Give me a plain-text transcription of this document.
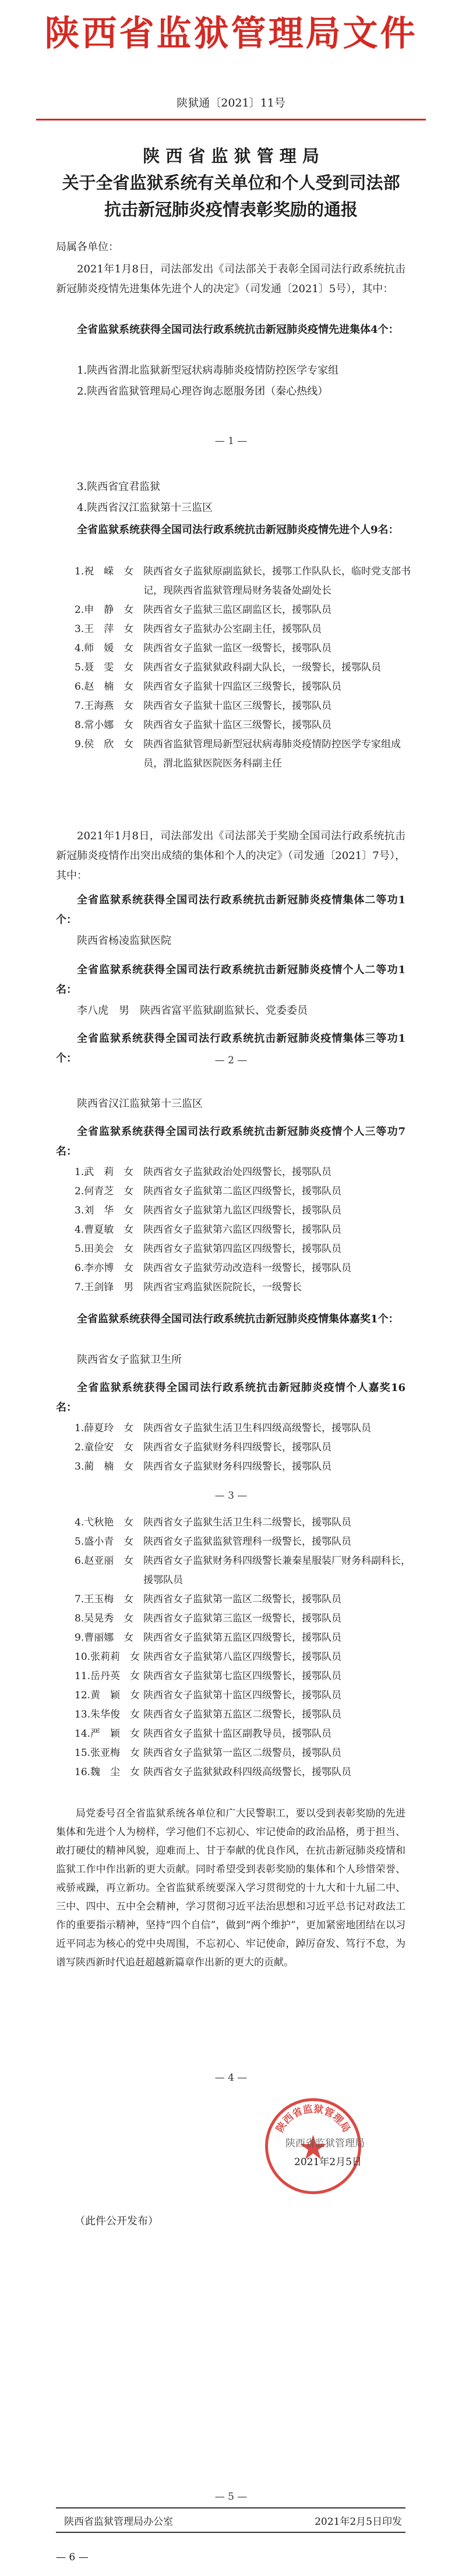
陕西省监狱管理局文件
陕狱通〔2021〕11号
陕 西 省 监 狱 管 理 局
关于全省监狱系统有关单位和个人受到司法部
抗击新冠肺炎疫情表彰奖励的通报
局属各单位：
2021年1月8日，司法部发出《司法部关于表彰全国司法行政系统抗击新冠肺炎疫情先进集体先进个人的决定》（司发通〔2021〕5号），其中：
全省监狱系统获得全国司法行政系统抗击新冠肺炎疫情先进集体4个：
1.陕西省渭北监狱新型冠状病毒肺炎疫情防控医学专家组
2.陕西省监狱管理局心理咨询志愿服务团（秦心热线）
— 1 —
3.陕西省宜君监狱
4.陕西省汉江监狱第十三监区
全省监狱系统获得全国司法行政系统抗击新冠肺炎疫情先进个人9名：
1.祝　嵘　女 陕西省女子监狱原副监狱长，援鄂工作队队长，临时党支部书记，现陕西省监狱管理局财务装备处副处长
2.申　静　女 陕西省女子监狱三监区副监区长，援鄂队员
3.王　萍　女 陕西省女子监狱办公室副主任，援鄂队员
4.师　媛　女 陕西省女子监狱一监区一级警长，援鄂队员
5.聂　雯　女 陕西省女子监狱狱政科副大队长，一级警长，援鄂队员
6.赵　楠　女 陕西省女子监狱十四监区三级警长，援鄂队员
7.王海燕　女 陕西省女子监狱十监区三级警长，援鄂队员
8.常小娜　女 陕西省女子监狱十监区三级警长，援鄂队员
9.侯　欣　女 陕西省监狱管理局新型冠状病毒肺炎疫情防控医学专家组成员，渭北监狱医院医务科副主任
2021年1月8日，司法部发出《司法部关于奖励全国司法行政系统抗击新冠肺炎疫情作出突出成绩的集体和个人的决定》（司发通〔2021〕7号），其中：
全省监狱系统获得全国司法行政系统抗击新冠肺炎疫情集体二等功1个：
陕西省杨凌监狱医院
全省监狱系统获得全国司法行政系统抗击新冠肺炎疫情个人二等功1名：
李八虎　男　陕西省富平监狱副监狱长、党委委员
全省监狱系统获得全国司法行政系统抗击新冠肺炎疫情集体三等功1个：	— 2 —
陕西省汉江监狱第十三监区
全省监狱系统获得全国司法行政系统抗击新冠肺炎疫情个人三等功7名：
1.武　莉　女 陕西省女子监狱政治处四级警长，援鄂队员
2.何青芝　女 陕西省女子监狱第二监区四级警长，援鄂队员
3.刘　华　女 陕西省女子监狱第九监区四级警长，援鄂队员
4.曹夏敏　女 陕西省女子监狱第六监区四级警长，援鄂队员
5.田美会　女 陕西省女子监狱第四监区四级警长，援鄂队员
6.李亦博　女 陕西省女子监狱劳动改造科一级警长，援鄂队员
7.王剑锋　男 陕西省宝鸡监狱医院院长，一级警长
全省监狱系统获得全国司法行政系统抗击新冠肺炎疫情集体嘉奖1个：
陕西省女子监狱卫生所
全省监狱系统获得全国司法行政系统抗击新冠肺炎疫情个人嘉奖16名：
1.薛夏玲　女 陕西省女子监狱生活卫生科四级高级警长，援鄂队员
2.童俭安　女 陕西省女子监狱财务科四级警长，援鄂队员
3.蔺　楠　女 陕西省女子监狱财务科四级警长，援鄂队员
— 3 —
4.弋秋艳　女 陕西省女子监狱生活卫生科二级警长，援鄂队员
5.盛小青　女 陕西省女子监狱监狱管理科一级警长，援鄂队员
6.赵亚丽　女 陕西省女子监狱财务科四级警长兼秦星服装厂财务科副科长，援鄂队员
7.王玉梅　女 陕西省女子监狱第一监区二级警长，援鄂队员
8.吴晃秀　女 陕西省女子监狱第三监区一级警长，援鄂队员
9.曹丽娜　女 陕西省女子监狱第五监区四级警长，援鄂队员
10.张莉莉　女 陕西省女子监狱第八监区四级警长，援鄂队员
11.岳丹英　女 陕西省女子监狱第七监区四级警长，援鄂队员
12.黄　颖　女 陕西省女子监狱第十监区四级警长，援鄂队员
13.朱华俊　女 陕西省女子监狱第五监区二级警长，援鄂队员
14.严　颖　女 陕西省女子监狱十监区副教导员，援鄂队员
15.张亚梅　女 陕西省女子监狱第一监区二级警员，援鄂队员
16.魏　尘　女 陕西省女子监狱狱政科四级高级警长，援鄂队员
局党委号召全省监狱系统各单位和广大民警职工，要以受到表彰奖励的先进集体和先进个人为榜样，学习他们不忘初心、牢记使命的政治品格，勇于担当、敢打硬仗的精神风貌，迎难而上、甘于奉献的优良作风，在抗击新冠肺炎疫情和监狱工作中作出新的更大贡献。同时希望受到表彰奖励的集体和个人珍惜荣誉、戒骄戒躁，再立新功。全省监狱系统要深入学习贯彻党的十九大和十九届二中、三中、四中、五中全会精神，学习贯彻习近平法治思想和习近平总书记对政法工作的重要指示精神，坚持“四个自信”，做到“两个维护”，更加紧密地团结在以习近平同志为核心的党中央周围，不忘初心、牢记使命，踔厉奋发、笃行不怠，为谱写陕西新时代追赶超越新篇章作出新的更大的贡献。
— 4 —
陕西省监狱管理局
陕西省监狱管理局
2021年2月5日
（此件公开发布）
— 5 —
陕西省监狱管理局办公室	2021年2月5日印发
— 6 —
